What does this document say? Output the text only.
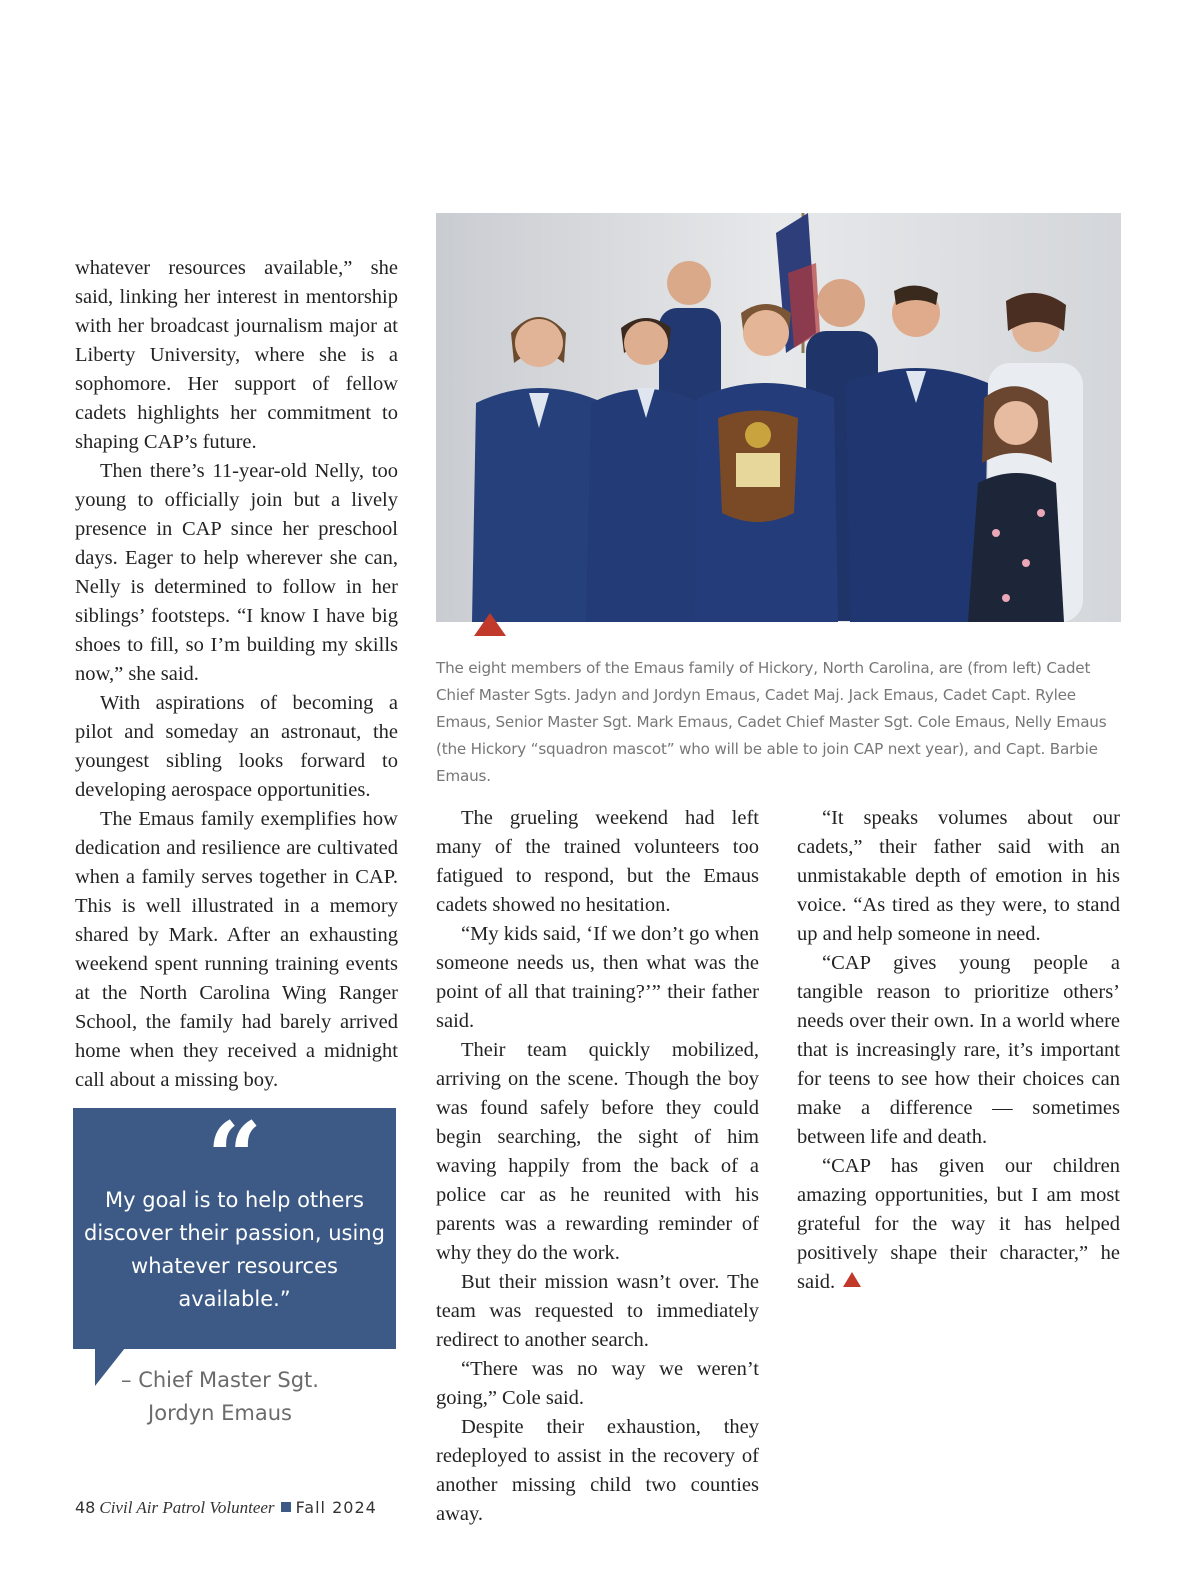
whatever resources available,” she said, linking her interest in mentorship with her broadcast journalism major at Liberty University, where she is a sophomore. Her support of fellow cadets highlights her commitment to shaping CAP’s future.

Then there’s 11-year-old Nelly, too young to officially join but a lively presence in CAP since her preschool days. Eager to help wherever she can, Nelly is determined to follow in her siblings’ footsteps. “I know I have big shoes to fill, so I’m building my skills now,” she said.

With aspirations of becoming a pilot and someday an astronaut, the youngest sibling looks forward to developing aerospace opportunities.

The Emaus family exemplifies how dedication and resilience are cultivated when a family serves together in CAP. This is well illustrated in a memory shared by Mark. After an exhausting weekend spent running training events at the North Carolina Wing Ranger School, the family had barely arrived home when they received a midnight call about a missing boy.

The eight members of the Emaus family of Hickory, North Carolina, are (from left) Cadet Chief Master Sgts. Jadyn and Jordyn Emaus, Cadet Maj. Jack Emaus, Cadet Capt. Rylee Emaus, Senior Master Sgt. Mark Emaus, Cadet Chief Master Sgt. Cole Emaus, Nelly Emaus (the Hickory “squadron mascot” who will be able to join CAP next year), and Capt. Barbie Emaus.
“
My goal is to help others discover their passion, using whatever resources available.”
– Chief Master Sgt. Jordyn Emaus

The grueling weekend had left many of the trained volunteers too fatigued to respond, but the Emaus cadets showed no hesitation.

“My kids said, ‘If we don’t go when someone needs us, then what was the point of all that training?’” their father said.

Their team quickly mobilized, arriving on the scene. Though the boy was found safely before they could begin searching, the sight of him waving happily from the back of a police car as he reunited with his parents was a rewarding reminder of why they do the work.

But their mission wasn’t over. The team was requested to immediately redirect to another search.

“There was no way we weren’t going,” Cole said.

Despite their exhaustion, they redeployed to assist in the recovery of another missing child two counties away.

“It speaks volumes about our cadets,” their father said with an unmistakable depth of emotion in his voice. “As tired as they were, to stand up and help someone in need.

“CAP gives young people a tangible reason to prioritize others’ needs over their own. In a world where that is increasingly rare, it’s important for teens to see how their choices can make a difference — sometimes between life and death.

“CAP has given our children amazing opportunities, but I am most grateful for the way it has helped positively shape their character,” he said.

48 Civil Air Patrol Volunteer Fall 2024
